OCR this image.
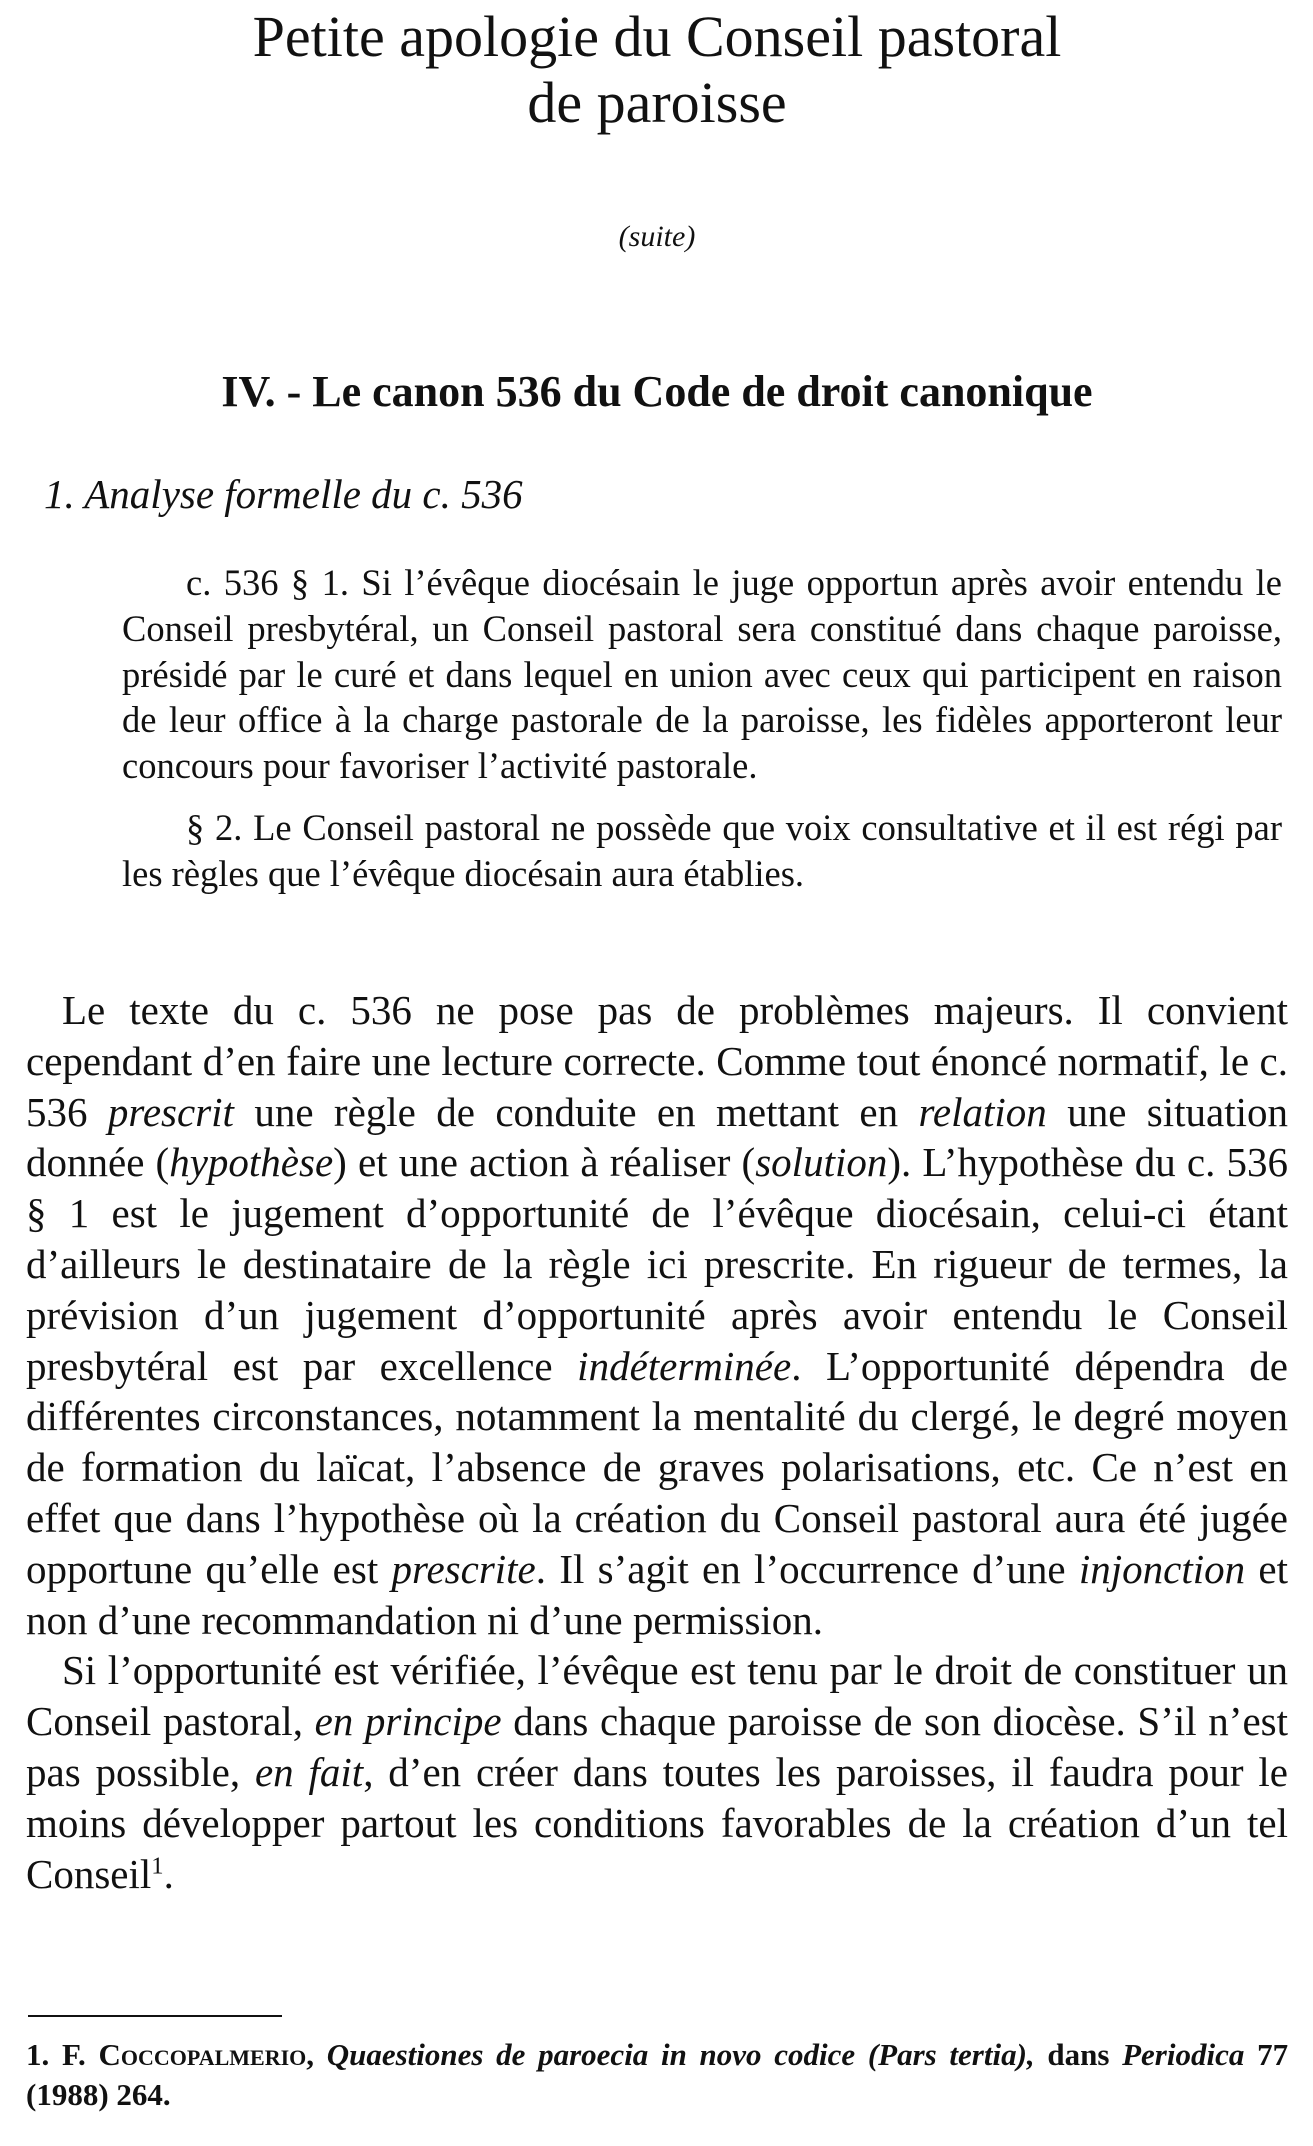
Petite apologie du Conseil pastoral
de paroisse

(suite)

IV. - Le canon 536 du Code de droit canonique
1. Analyse formelle du c. 536

c. 536 § 1. Si l’évêque diocésain le juge opportun après avoir entendu le Conseil presbytéral, un Conseil pastoral sera constitué dans chaque paroisse, présidé par le curé et dans lequel en union avec ceux qui participent en raison de leur office à la charge pastorale de la paroisse, les fidèles apporteront leur concours pour favoriser l’activité pastorale.

§ 2. Le Conseil pastoral ne possède que voix consultative et il est régi par les règles que l’évêque diocésain aura établies.

Le texte du c. 536 ne pose pas de problèmes majeurs. Il convient cependant d’en faire une lecture correcte. Comme tout énoncé normatif, le c. 536 prescrit une règle de conduite en mettant en relation une situation donnée (hypothèse) et une action à réaliser (solution). L’hypothèse du c. 536 § 1 est le jugement d’opportunité de l’évêque diocésain, celui-ci étant d’ailleurs le destinataire de la règle ici prescrite. En rigueur de termes, la prévision d’un jugement d’opportunité après avoir entendu le Conseil presbytéral est par excellence indéterminée. L’opportunité dépendra de différentes circonstances, notamment la mentalité du clergé, le degré moyen de formation du laïcat, l’absence de graves polarisations, etc. Ce n’est en effet que dans l’hypothèse où la création du Conseil pastoral aura été jugée opportune qu’elle est prescrite. Il s’agit en l’occurrence d’une injonction et non d’une recommandation ni d’une permission.

Si l’opportunité est vérifiée, l’évêque est tenu par le droit de constituer un Conseil pastoral, en principe dans chaque paroisse de son diocèse. S’il n’est pas possible, en fait, d’en créer dans toutes les paroisses, il faudra pour le moins développer partout les conditions favorables de la création d’un tel Conseil$^1$.

1. F. Coccopalmerio, Quaestiones de paroecia in novo codice (Pars tertia), dans Periodica 77 (1988) 264.
